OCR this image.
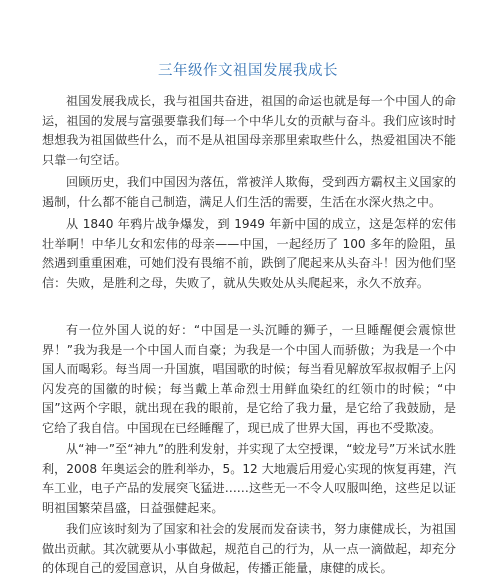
三年级作文祖国发展我成长

祖国发展我成长，我与祖国共奋进，祖国的命运也就是每一个中国人的命运，祖国的发展与富强要靠我们每一个中华儿女的贡献与奋斗。我们应该时时想想我为祖国做些什么，而不是从祖国母亲那里索取些什么，热爱祖国决不能只靠一句空话。

回顾历史，我们中国因为落伍，常被洋人欺侮，受到西方霸权主义国家的遏制，什么都不能自己制造，满足人们生活的需要，生活在水深火热之中。

从 1840 年鸦片战争爆发，到 1949 年新中国的成立，这是怎样的宏伟壮举啊！中华儿女和宏伟的母亲——中国，一起经历了 100 多年的险阻，虽然遇到重重困难，可她们没有畏缩不前，跌倒了爬起来从头奋斗！因为他们坚信：失败，是胜利之母，失败了，就从失败处从头爬起来，永久不放弃。

有一位外国人说的好：“中国是一头沉睡的狮子，一旦睡醒便会震惊世界！”我为我是一个中国人而自豪；为我是一个中国人而骄傲；为我是一个中国人而喝彩。每当周一升国旗，唱国歌的时候；每当看见解放军叔叔帽子上闪闪发亮的国徽的时候；每当戴上革命烈士用鲜血染红的红领巾的时候；“中国”这两个字眼，就出现在我的眼前，是它给了我力量，是它给了我鼓励，是它给了我自信。中国现在已经睡醒了，现已成了世界大国，再也不受欺凌。

从“神一”至“神九”的胜利发射，并实现了太空授课，“蛟龙号”万米试水胜利，2008 年奥运会的胜利举办，5。12 大地震后用爱心实现的恢复再建，汽车工业，电子产品的发展突飞猛进……这些无一不令人叹服叫绝，这些足以证明祖国繁荣昌盛，日益强健起来。

我们应该时刻为了国家和社会的发展而发奋读书，努力康健成长，为祖国做出贡献。其次就要从小事做起，规范自己的行为，从一点一滴做起，却充分的体现自己的爱国意识，从自身做起，传播正能量，康健的成长。
